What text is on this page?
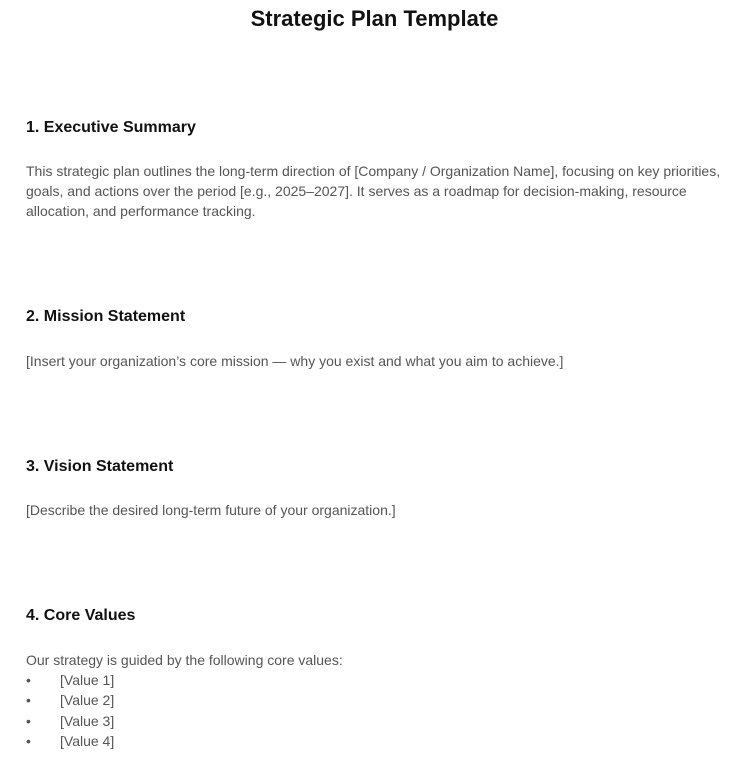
Strategic Plan Template
1. Executive Summary

This strategic plan outlines the long-term direction of [Company / Organization Name], focusing on key priorities, goals, and actions over the period [e.g., 2025–2027]. It serves as a roadmap for decision-making, resource allocation, and performance tracking.

2. Mission Statement

[Insert your organization’s core mission — why you exist and what you aim to achieve.]

3. Vision Statement

[Describe the desired long-term future of your organization.]

4. Core Values

Our strategy is guided by the following core values:

•	[Value 1]
•	[Value 2]
•	[Value 3]
•	[Value 4]
